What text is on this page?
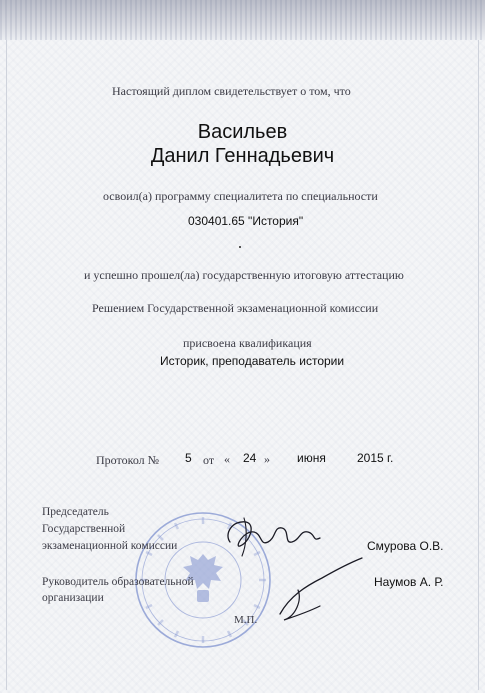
Настоящий диплом свидетельствует о том, что
Васильев
Данил Геннадьевич
освоил(а) программу специалитета по специальности
030401.65 "История"
и успешно прошел(ла) государственную итоговую аттестацию
Решением Государственной экзаменационной комиссии
присвоена квалификация
Историк, преподаватель истории
Протокол № 5 от « 24 » июня	2015 г.
Председатель
Государственной
экзаменационной комиссии	Смурова О.В.
Руководитель образовательной
организации
Наумов А. Р.
М.П.
